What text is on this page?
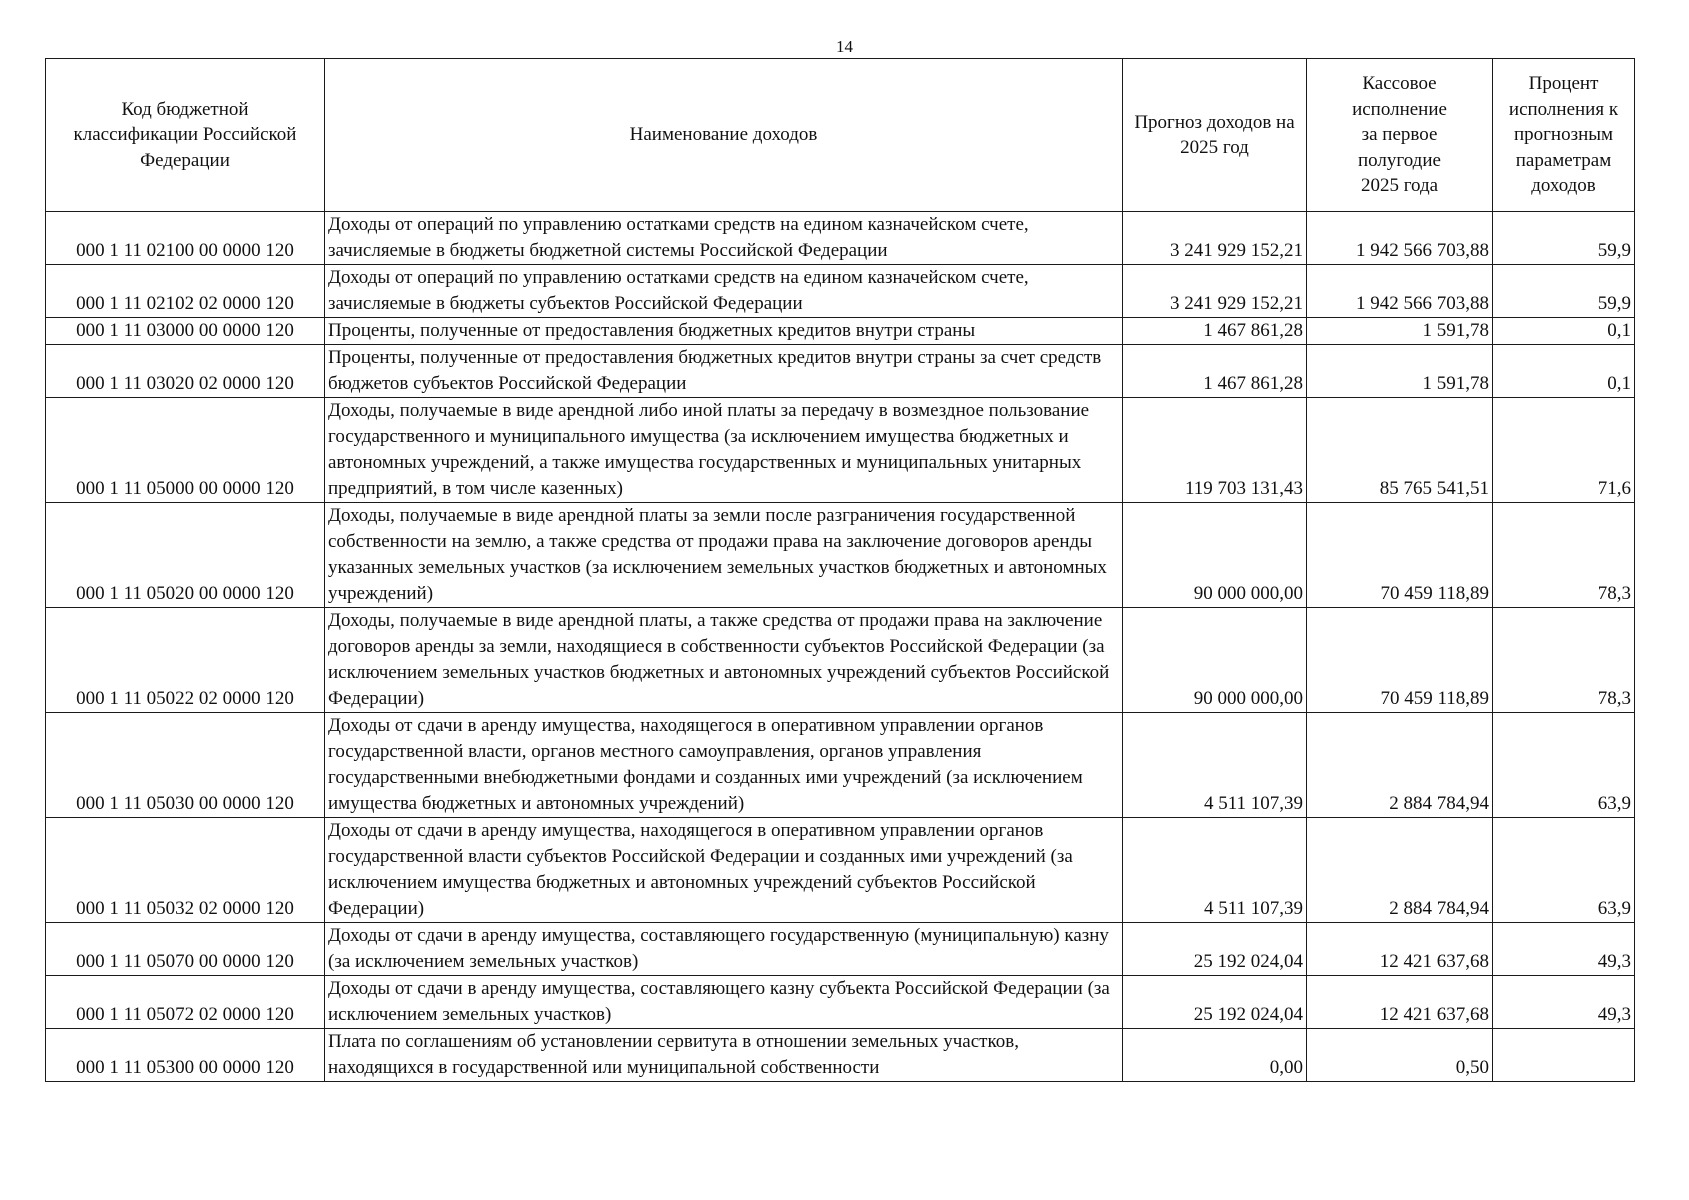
14
Код бюджетной классификации Российской Федерации	Наименование доходов	Прогноз доходов на 2025 год	Кассовое исполнение за первое полугодие 2025 года	Процент исполнения к прогнозным параметрам доходов
000 1 11 02100 00 0000 120	Доходы от операций по управлению остатками средств на едином казначейском счете, зачисляемые в бюджеты бюджетной системы Российской Федерации	3 241 929 152,21	1 942 566 703,88	59,9
000 1 11 02102 02 0000 120	Доходы от операций по управлению остатками средств на едином казначейском счете, зачисляемые в бюджеты субъектов Российской Федерации	3 241 929 152,21	1 942 566 703,88	59,9
000 1 11 03000 00 0000 120	Проценты, полученные от предоставления бюджетных кредитов внутри страны	1 467 861,28	1 591,78	0,1
000 1 11 03020 02 0000 120	Проценты, полученные от предоставления бюджетных кредитов внутри страны за счет средств бюджетов субъектов Российской Федерации	1 467 861,28	1 591,78	0,1
000 1 11 05000 00 0000 120	Доходы, получаемые в виде арендной либо иной платы за передачу в возмездное пользование государственного и муниципального имущества (за исключением имущества бюджетных и автономных учреждений, а также имущества государственных и муниципальных унитарных предприятий, в том числе казенных)	119 703 131,43	85 765 541,51	71,6
000 1 11 05020 00 0000 120	Доходы, получаемые в виде арендной платы за земли после разграничения государственной собственности на землю, а также средства от продажи права на заключение договоров аренды указанных земельных участков (за исключением земельных участков бюджетных и автономных учреждений)	90 000 000,00	70 459 118,89	78,3
000 1 11 05022 02 0000 120	Доходы, получаемые в виде арендной платы, а также средства от продажи права на заключение договоров аренды за земли, находящиеся в собственности субъектов Российской Федерации (за исключением земельных участков бюджетных и автономных учреждений субъектов Российской Федерации)	90 000 000,00	70 459 118,89	78,3
000 1 11 05030 00 0000 120	Доходы от сдачи в аренду имущества, находящегося в оперативном управлении органов государственной власти, органов местного самоуправления, органов управления государственными внебюджетными фондами и созданных ими учреждений (за исключением имущества бюджетных и автономных учреждений)	4 511 107,39	2 884 784,94	63,9
000 1 11 05032 02 0000 120	Доходы от сдачи в аренду имущества, находящегося в оперативном управлении органов государственной власти субъектов Российской Федерации и созданных ими учреждений (за исключением имущества бюджетных и автономных учреждений субъектов Российской Федерации)	4 511 107,39	2 884 784,94	63,9
000 1 11 05070 00 0000 120	Доходы от сдачи в аренду имущества, составляющего государственную (муниципальную) казну (за исключением земельных участков)	25 192 024,04	12 421 637,68	49,3
000 1 11 05072 02 0000 120	Доходы от сдачи в аренду имущества, составляющего казну субъекта Российской Федерации (за исключением земельных участков)	25 192 024,04	12 421 637,68	49,3
000 1 11 05300 00 0000 120	Плата по соглашениям об установлении сервитута в отношении земельных участков, находящихся в государственной или муниципальной собственности	0,00	0,50	
